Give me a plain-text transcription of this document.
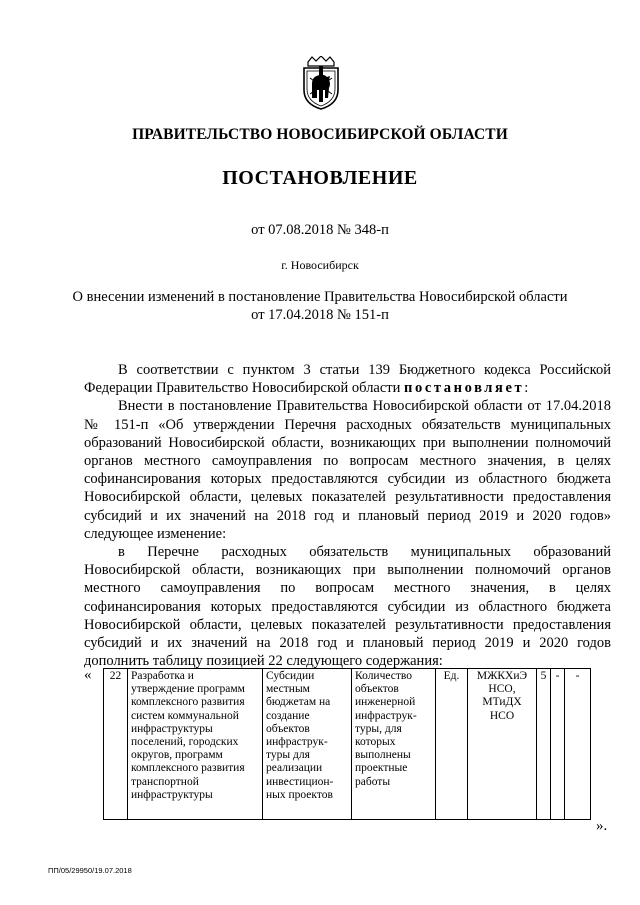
ПРАВИТЕЛЬСТВО НОВОСИБИРСКОЙ ОБЛАСТИ
ПОСТАНОВЛЕНИЕ
от 07.08.2018 № 348-п
г. Новосибирск
О внесении изменений в постановление Правительства Новосибирской области
от 17.04.2018 № 151-п

В соответствии с пунктом 3 статьи 139 Бюджетного кодекса Российской Федерации Правительство Новосибирской области постановляет:

Внести в постановление Правительства Новосибирской области от 17.04.2018 № 151-п «Об утверждении Перечня расходных обязательств муниципальных образований Новосибирской области, возникающих при выполнении полномочий органов местного самоуправления по вопросам местного значения, в целях софинансирования которых предоставляются субсидии из областного бюджета Новосибирской области, целевых показателей результативности предоставления субсидий и их значений на 2018 год и плановый период 2019 и 2020 годов» следующее изменение:

в Перечне расходных обязательств муниципальных образований Новосибирской области, возникающих при выполнении полномочий органов местного самоуправления по вопросам местного значения, в целях софинансирования которых предоставляются субсидии из областного бюджета Новосибирской области, целевых показателей результативности предоставления субсидий и их значений на 2018 год и плановый период 2019 и 2020 годов дополнить таблицу позицией 22 следующего содержания:

« 22	Разработка и утверждение программ комплексного развития систем коммунальной инфраструктуры поселений, городских округов, программ комплексного развития транспортной инфраструктуры	Субсидии местным бюджетам на создание объектов инфраструк-туры для реализации инвестицион-ных проектов	Количество объектов инженерной инфраструк-туры, для которых выполнены проектные работы	Ед.	МЖКХиЭ НСО, МТиДХ НСО	5	-	-
».
ПП/05/29950/19.07.2018
